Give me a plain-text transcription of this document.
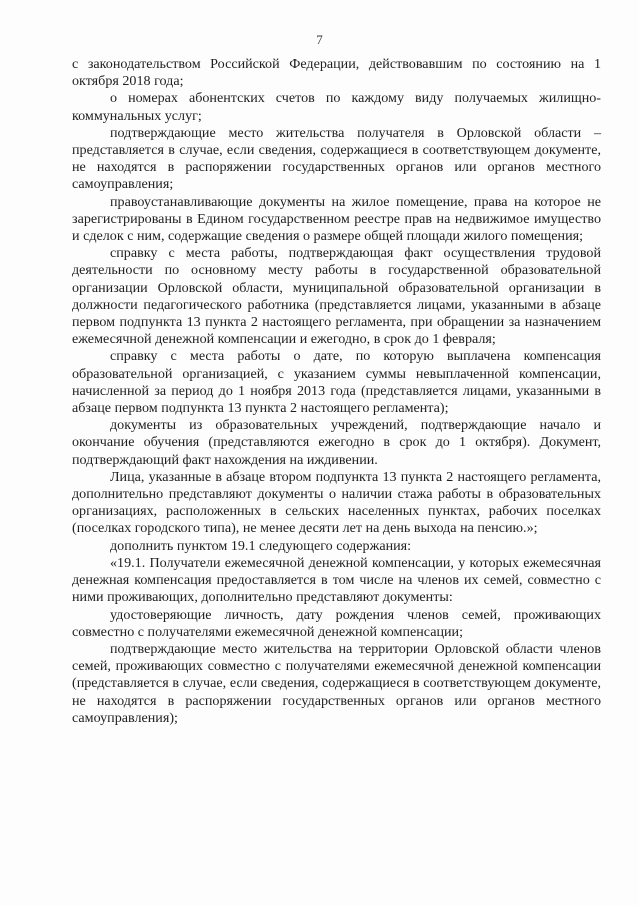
7

с законодательством Российской Федерации, действовавшим по состоянию на 1 октября 2018 года;

о номерах абонентских счетов по каждому виду получаемых жилищно-коммунальных услуг;

подтверждающие место жительства получателя в Орловской области – представляется в случае, если сведения, содержащиеся в соответствующем документе, не находятся в распоряжении государственных органов или органов местного самоуправления;

правоустанавливающие документы на жилое помещение, права на которое не зарегистрированы в Едином государственном реестре прав на недвижимое имущество и сделок с ним, содержащие сведения о размере общей площади жилого помещения;

справку с места работы, подтверждающая факт осуществления трудовой деятельности по основному месту работы в государственной образовательной организации Орловской области, муниципальной образовательной организации в должности педагогического работника (представляется лицами, указанными в абзаце первом подпункта 13 пункта 2 настоящего регламента, при обращении за назначением ежемесячной денежной компенсации и ежегодно, в срок до 1 февраля;

справку с места работы о дате, по которую выплачена компенсация образовательной организацией, с указанием суммы невыплаченной компенсации, начисленной за период до 1 ноября 2013 года (представляется лицами, указанными в абзаце первом подпункта 13 пункта 2 настоящего регламента);

документы из образовательных учреждений, подтверждающие начало и окончание обучения (представляются ежегодно в срок до 1 октября). Документ, подтверждающий факт нахождения на иждивении.

Лица, указанные в абзаце втором подпункта 13 пункта 2 настоящего регламента, дополнительно представляют документы о наличии стажа работы в образовательных организациях, расположенных в сельских населенных пунктах, рабочих поселках (поселках городского типа), не менее десяти лет на день выхода на пенсию.»;

дополнить пунктом 19.1 следующего содержания:

«19.1. Получатели ежемесячной денежной компенсации, у которых ежемесячная денежная компенсация предоставляется в том числе на членов их семей, совместно с ними проживающих, дополнительно представляют документы:

удостоверяющие личность, дату рождения членов семей, проживающих совместно с получателями ежемесячной денежной компенсации;

подтверждающие место жительства на территории Орловской области членов семей, проживающих совместно с получателями ежемесячной денежной компенсации (представляется в случае, если сведения, содержащиеся в соответствующем документе, не находятся в распоряжении государственных органов или органов местного самоуправления);
